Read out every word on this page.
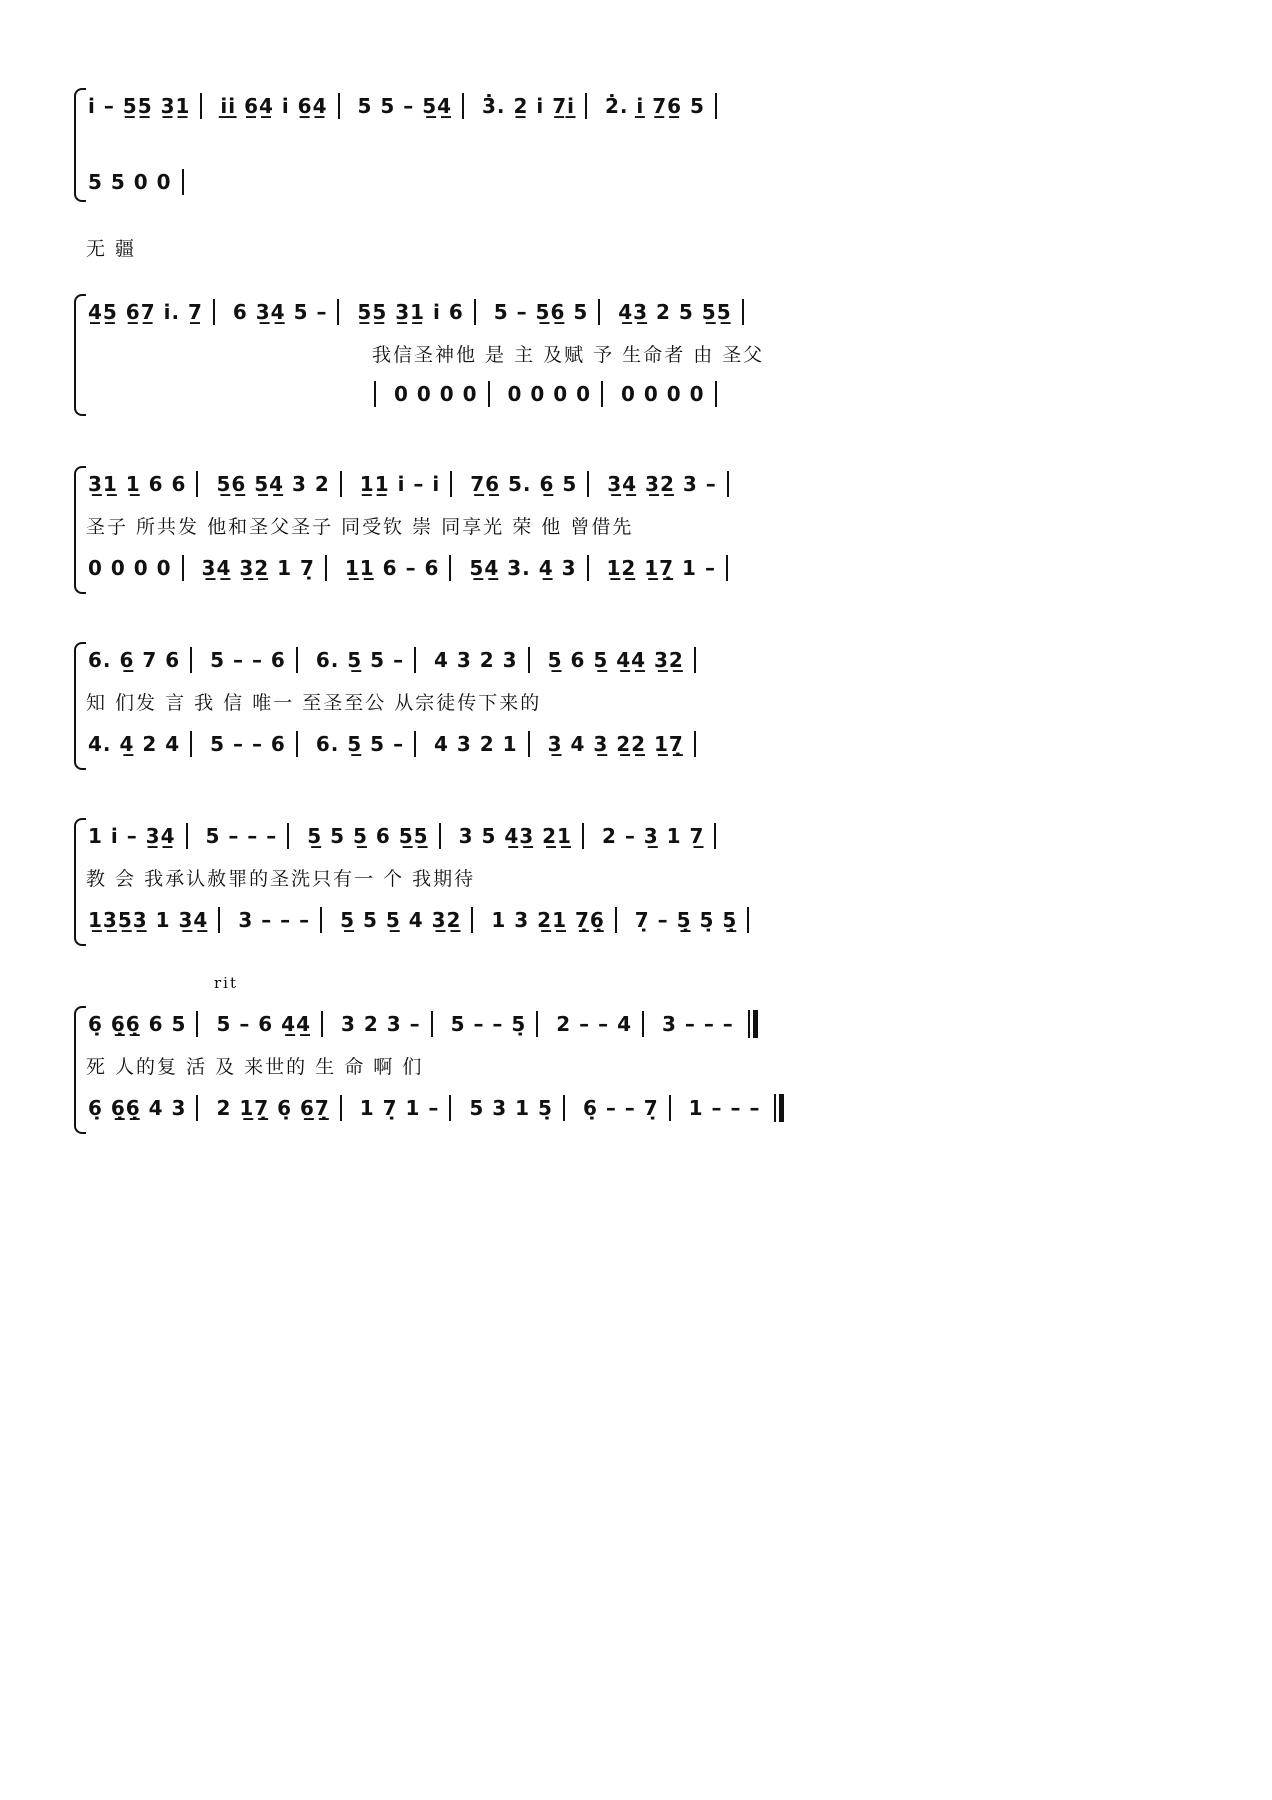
i̇ – 5̲5̲ 3̲1̲ i̲i̲ 6̲4̲ i̇ 6̲4̲ 5 5 – 5̲4̲ 3̇. 2̲ i̇ 7̲i̲ 2̇. i̲ 7̲6̲ 5
5 5 0 0
无 疆
4̲5̲ 6̲7̲ i̇. 7̲ 6 3̲4̲ 5 – 5̲5̲ 3̲1̲ i̇ 6 5 – 5̲6̲ 5 4̲3̲ 2 5 5̲5̲
我信圣神他 是 主 及赋 予 生命者 由 圣父
0 0 0 0 0 0 0 0 0 0 0 0
3̲1̲ 1̲ 6 6 5̲6̲ 5̲4̲ 3 2 1̲1̲ i̇ – i̇ 7̲6̲ 5. 6̲ 5 3̲4̲ 3̲2̲ 3 –
圣子 所共发 他和圣父圣子 同受钦 崇 同享光 荣 他 曾借先
0 0 0 0 3̲4̲ 3̲2̲ 1 7̣ 1̲1̲ 6 – 6 5̲4̲ 3. 4̲ 3 1̲2̲ 1̲7̣̲ 1 –
6. 6̲ 7 6 5 – – 6 6. 5̲ 5 – 4 3 2 3 5̲ 6 5̲ 4̲4̲ 3̲2̲
知 们发 言 我 信 唯一 至圣至公 从宗徒传下来的
4. 4̲ 2 4 5 – – 6 6. 5̲ 5 – 4 3 2 1 3̲ 4 3̲ 2̲2̲ 1̲7̣̲
1 i̇ – 3̲4̲ 5 – – – 5̲ 5 5̲ 6 5̲5̲ 3 5 4̲3̲ 2̲1̲ 2 – 3̲ 1 7̲
教 会 我承认赦罪的圣洗只有一 个 我期待
1̲3̲5̲3̲ 1 3̲4̲ 3 – – – 5̲ 5 5̲ 4 3̲2̲ 1 3 2̲1̲ 7̣̲6̣̲ 7̣ – 5̣̲ 5̣ 5̣̲
rit
6̣ 6̣̲6̣̲ 6 5 5 – 6 4̲4̲ 3 2 3 – 5 – – 5̣ 2 – – 4 3 – – –
死 人的复 活 及 来世的 生 命 啊 们
6̣ 6̣̲6̣̲ 4 3 2 1̲7̣̲ 6̣ 6̲7̣̲ 1 7̣ 1 – 5 3 1 5̣ 6̣ – – 7̣ 1 – – –
